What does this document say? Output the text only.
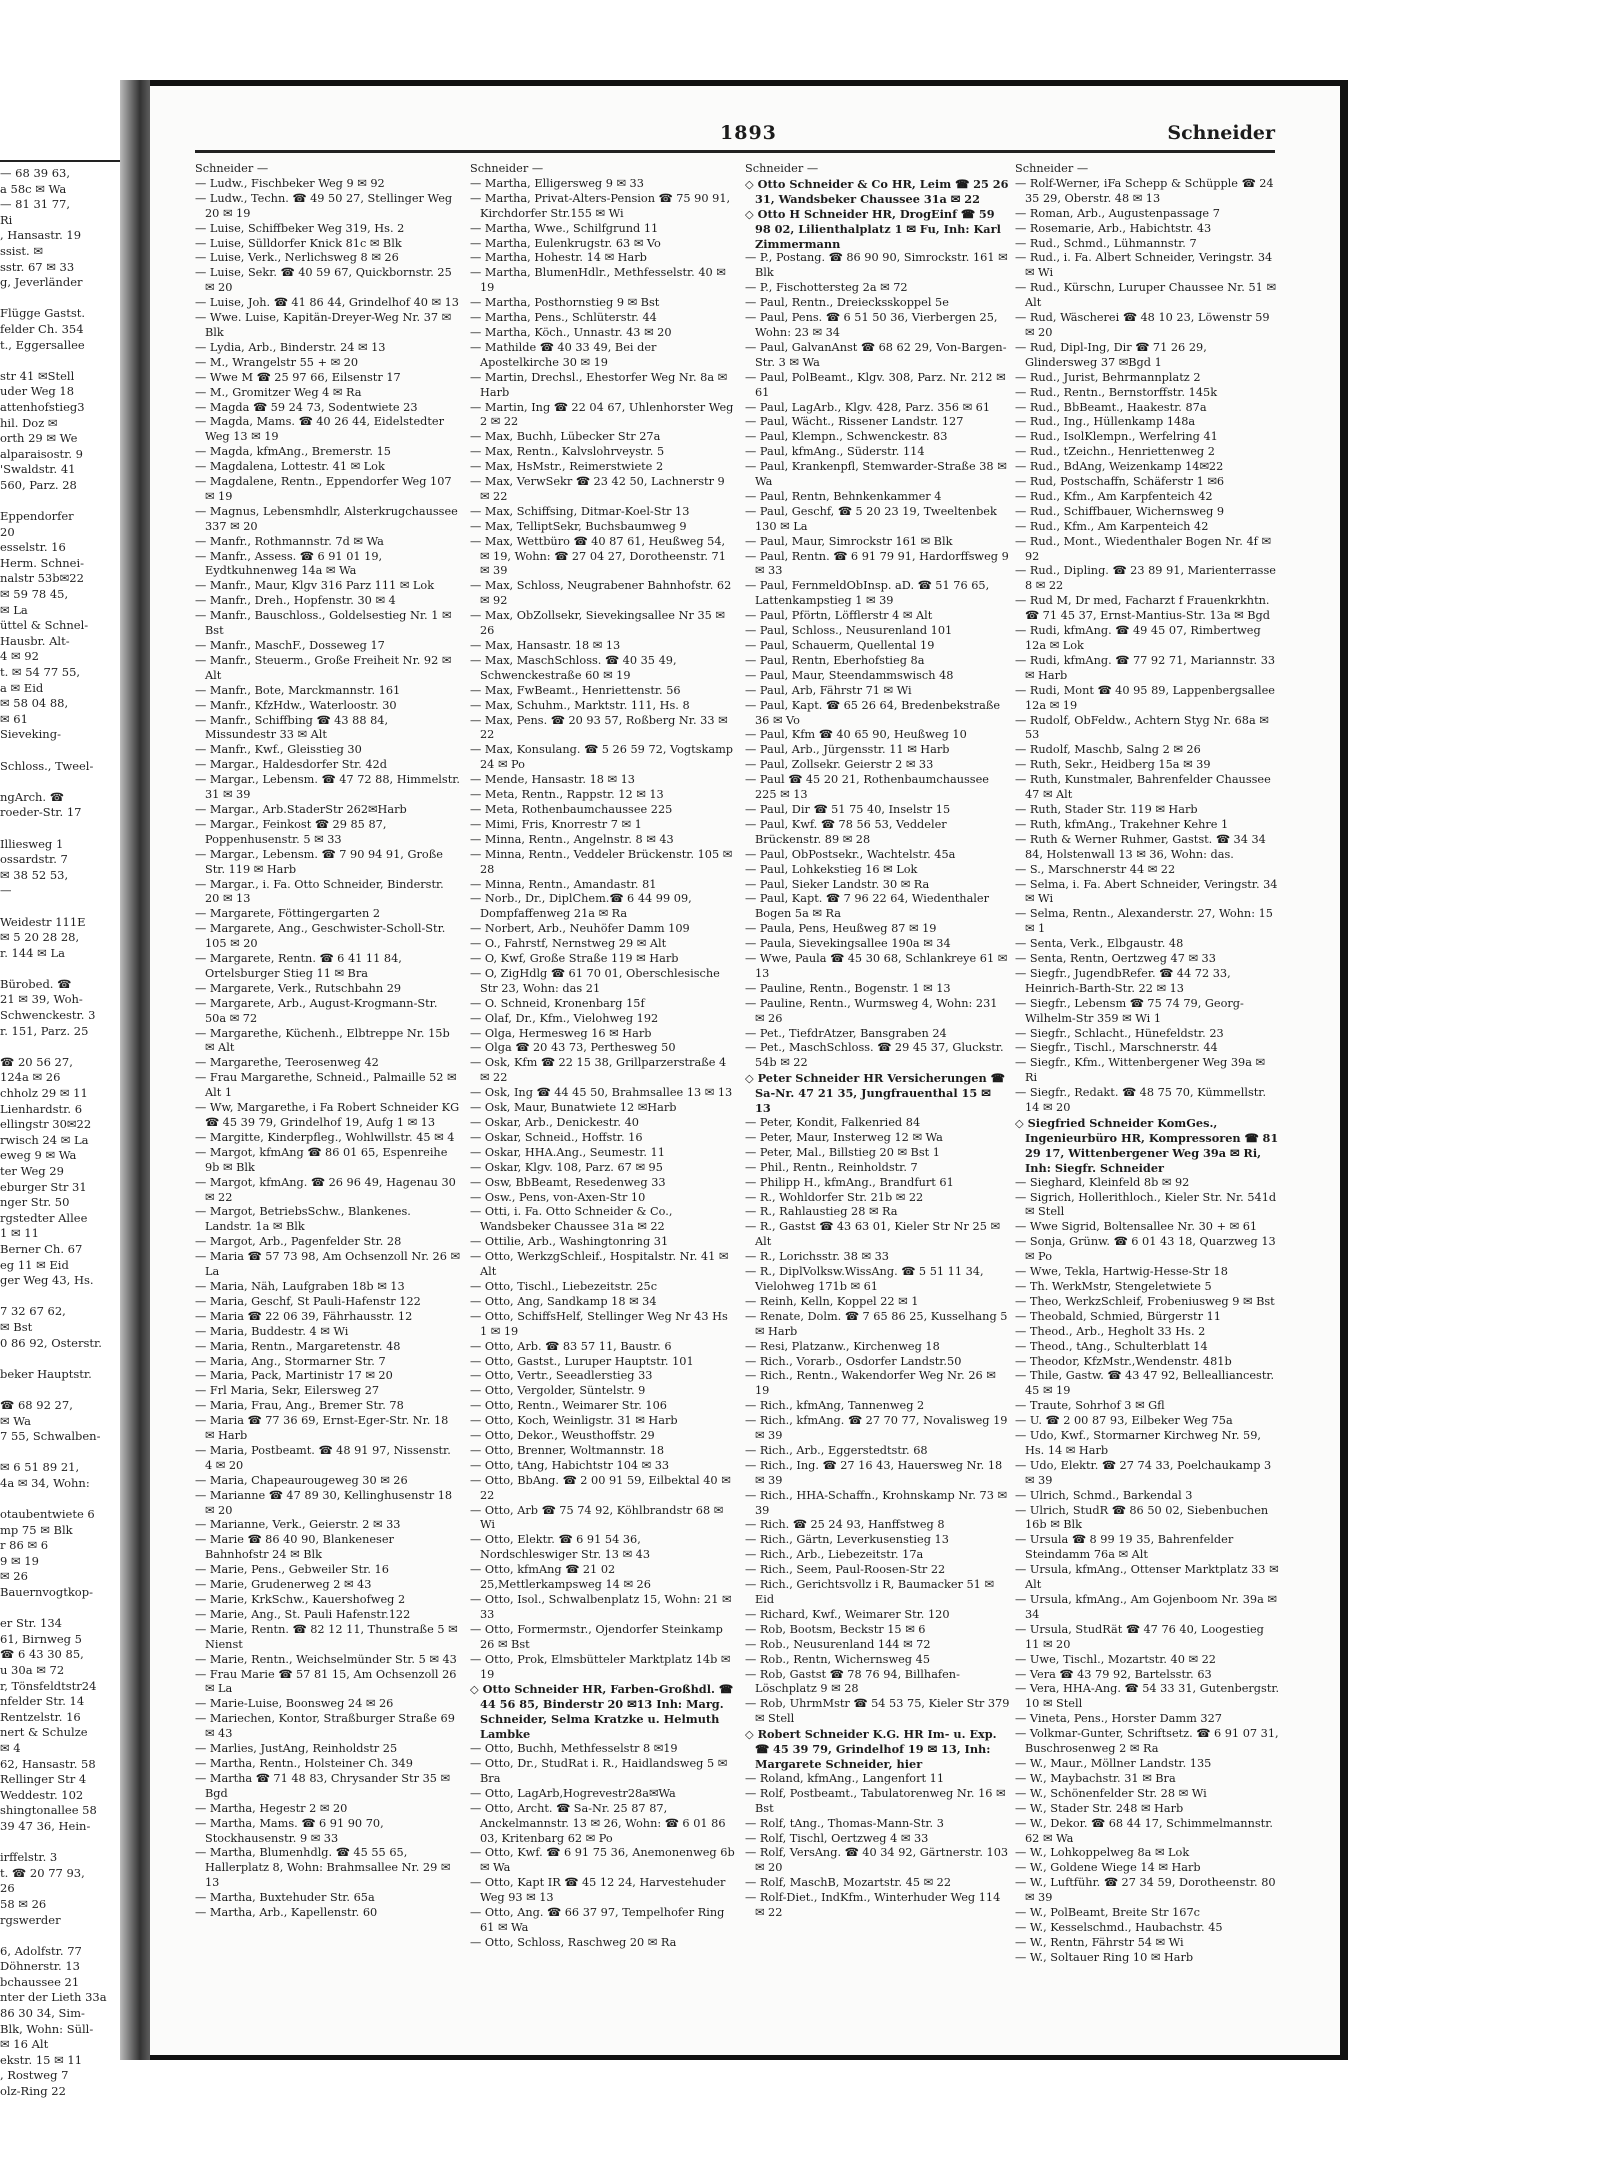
— 68 39 63,
a 58c ✉ Wa
— 81 31 77,
Ri
, Hansastr. 19
ssist. ✉
sstr. 67 ✉ 33
g, Jeverländer

Flügge Gastst.
felder Ch. 354
t., Eggersallee

str 41 ✉Stell
uder Weg 18
attenhofstieg3
hil. Doz ✉
orth 29 ✉ We
alparaisostr. 9
'Swaldstr. 41
560, Parz. 28

Eppendorfer
20
esselstr. 16
Herm. Schnei-
nalstr 53b✉22
✉ 59 78 45,
✉ La
üttel & Schnel-
Hausbr. Alt-
4 ✉ 92
t. ✉ 54 77 55,
a ✉ Eid
✉ 58 04 88,
✉ 61
Sieveking-

Schloss., Tweel-

ngArch. ☎
roeder-Str. 17

Illiesweg 1
ossardstr. 7
✉ 38 52 53,
—

Weidestr 111E
✉ 5 20 28 28,
r. 144 ✉ La

Bürobed. ☎
21 ✉ 39, Woh-
Schwenckestr. 3
r. 151, Parz. 25

☎ 20 56 27,
124a ✉ 26
chholz 29 ✉ 11
Lienhardstr. 6
ellingstr 30✉22
rwisch 24 ✉ La
eweg 9 ✉ Wa
ter Weg 29
eburger Str 31
nger Str. 50
rgstedter Allee
1 ✉ 11
Berner Ch. 67
eg 11 ✉ Eid
ger Weg 43, Hs.

7 32 67 62,
✉ Bst
0 86 92, Osterstr.

beker Hauptstr.

☎ 68 92 27,
✉ Wa
7 55, Schwalben-

✉ 6 51 89 21,
4a ✉ 34, Wohn:

otaubentwiete 6
mp 75 ✉ Blk
r 86 ✉ 6
9 ✉ 19
✉ 26
Bauernvogtkop-

er Str. 134
61, Birnweg 5
☎ 6 43 30 85,
u 30a ✉ 72
r, Tönsfeldtstr24
nfelder Str. 14
Rentzelstr. 16
nert & Schulze
✉ 4
62, Hansastr. 58
Rellinger Str 4
Weddestr. 102
shingtonallee 58
39 47 36, Hein-

irffelstr. 3
t. ☎ 20 77 93,
26
58 ✉ 26
rgswerder

6, Adolfstr. 77
Döhnerstr. 13
bchaussee 21
nter der Lieth 33a
86 30 34, Sim-
Blk, Wohn: Süll-
✉ 16 Alt
ekstr. 15 ✉ 11
, Rostweg 7
olz-Ring 22
1893	Schneider

Schneider —

— Ludw., Fischbeker Weg 9 ✉ 92

— Ludw., Techn. ☎ 49 50 27, Stellinger Weg 20 ✉ 19

— Luise, Schiffbeker Weg 319, Hs. 2

— Luise, Sülldorfer Knick 81c ✉ Blk

— Luise, Verk., Nerlichsweg 8 ✉ 26

— Luise, Sekr. ☎ 40 59 67, Quickbornstr. 25 ✉ 20

— Luise, Joh. ☎ 41 86 44, Grindelhof 40 ✉ 13

— Wwe. Luise, Kapitän-Dreyer-Weg Nr. 37 ✉ Blk

— Lydia, Arb., Binderstr. 24 ✉ 13

— M., Wrangelstr 55 + ✉ 20

— Wwe M ☎ 25 97 66, Eilsenstr 17

— M., Gromitzer Weg 4 ✉ Ra

— Magda ☎ 59 24 73, Sodentwiete 23

— Magda, Mams. ☎ 40 26 44, Eidelstedter Weg 13 ✉ 19

— Magda, kfmAng., Bremerstr. 15

— Magdalena, Lottestr. 41 ✉ Lok

— Magdalene, Rentn., Eppendorfer Weg 107 ✉ 19

— Magnus, Lebensmhdlr, Alsterkrugchaussee 337 ✉ 20

— Manfr., Rothmannstr. 7d ✉ Wa

— Manfr., Assess. ☎ 6 91 01 19, Eydtkuhnenweg 14a ✉ Wa

— Manfr., Maur, Klgv 316 Parz 111 ✉ Lok

— Manfr., Dreh., Hopfenstr. 30 ✉ 4

— Manfr., Bauschloss., Goldelsestieg Nr. 1 ✉ Bst

— Manfr., MaschF., Dosseweg 17

— Manfr., Steuerm., Große Freiheit Nr. 92 ✉ Alt

— Manfr., Bote, Marckmannstr. 161

— Manfr., KfzHdw., Waterloostr. 30

— Manfr., Schiffbing ☎ 43 88 84, Missundestr 33 ✉ Alt

— Manfr., Kwf., Gleisstieg 30

— Margar., Haldesdorfer Str. 42d

— Margar., Lebensm. ☎ 47 72 88, Himmelstr. 31 ✉ 39

— Margar., Arb.StaderStr 262✉Harb

— Margar., Feinkost ☎ 29 85 87, Poppenhusenstr. 5 ✉ 33

— Margar., Lebensm. ☎ 7 90 94 91, Große Str. 119 ✉ Harb

— Margar., i. Fa. Otto Schneider, Binderstr. 20 ✉ 13

— Margarete, Föttingergarten 2

— Margarete, Ang., Geschwister-Scholl-Str. 105 ✉ 20

— Margarete, Rentn. ☎ 6 41 11 84, Ortelsburger Stieg 11 ✉ Bra

— Margarete, Verk., Rutschbahn 29

— Margarete, Arb., August-Krogmann-Str. 50a ✉ 72

— Margarethe, Küchenh., Elbtreppe Nr. 15b ✉ Alt

— Margarethe, Teerosenweg 42

— Frau Margarethe, Schneid., Palmaille 52 ✉ Alt 1

— Ww, Margarethe, i Fa Robert Schneider KG ☎ 45 39 79, Grindelhof 19, Aufg 1 ✉ 13

— Margitte, Kinderpfleg., Wohlwillstr. 45 ✉ 4

— Margot, kfmAng ☎ 86 01 65, Espenreihe 9b ✉ Blk

— Margot, kfmAng. ☎ 26 96 49, Hagenau 30 ✉ 22

— Margot, BetriebsSchw., Blankenes. Landstr. 1a ✉ Blk

— Margot, Arb., Pagenfelder Str. 28

— Maria ☎ 57 73 98, Am Ochsenzoll Nr. 26 ✉ La

— Maria, Näh, Laufgraben 18b ✉ 13

— Maria, Geschf, St Pauli-Hafenstr 122

— Maria ☎ 22 06 39, Fährhausstr. 12

— Maria, Buddestr. 4 ✉ Wi

— Maria, Rentn., Margaretenstr. 48

— Maria, Ang., Stormarner Str. 7

— Maria, Pack, Martinistr 17 ✉ 20

— Frl Maria, Sekr, Eilersweg 27

— Maria, Frau, Ang., Bremer Str. 78

— Maria ☎ 77 36 69, Ernst-Eger-Str. Nr. 18 ✉ Harb

— Maria, Postbeamt. ☎ 48 91 97, Nissenstr. 4 ✉ 20

— Maria, Chapeaurougeweg 30 ✉ 26

— Marianne ☎ 47 89 30, Kellinghusenstr 18 ✉ 20

— Marianne, Verk., Geierstr. 2 ✉ 33

— Marie ☎ 86 40 90, Blankeneser Bahnhofstr 24 ✉ Blk

— Marie, Pens., Gebweiler Str. 16

— Marie, Grudenerweg 2 ✉ 43

— Marie, KrkSchw., Kauershofweg 2

— Marie, Ang., St. Pauli Hafenstr.122

— Marie, Rentn. ☎ 82 12 11, Thunstraße 5 ✉ Nienst

— Marie, Rentn., Weichselmünder Str. 5 ✉ 43

— Frau Marie ☎ 57 81 15, Am Ochsenzoll 26 ✉ La

— Marie-Luise, Boonsweg 24 ✉ 26

— Mariechen, Kontor, Straßburger Straße 69 ✉ 43

— Marlies, JustAng, Reinholdstr 25

— Martha, Rentn., Holsteiner Ch. 349

— Martha ☎ 71 48 83, Chrysander Str 35 ✉ Bgd

— Martha, Hegestr 2 ✉ 20

— Martha, Mams. ☎ 6 91 90 70, Stockhausenstr. 9 ✉ 33

— Martha, Blumenhdlg. ☎ 45 55 65, Hallerplatz 8, Wohn: Brahmsallee Nr. 29 ✉ 13

— Martha, Buxtehuder Str. 65a

— Martha, Arb., Kapellenstr. 60

Schneider —

— Martha, Elligersweg 9 ✉ 33

— Martha, Privat-Alters-Pension ☎ 75 90 91, Kirchdorfer Str.155 ✉ Wi

— Martha, Wwe., Schilfgrund 11

— Martha, Eulenkrugstr. 63 ✉ Vo

— Martha, Hohestr. 14 ✉ Harb

— Martha, BlumenHdlr., Methfesselstr. 40 ✉ 19

— Martha, Posthornstieg 9 ✉ Bst

— Martha, Pens., Schlüterstr. 44

— Martha, Köch., Unnastr. 43 ✉ 20

— Mathilde ☎ 40 33 49, Bei der Apostelkirche 30 ✉ 19

— Martin, Drechsl., Ehestorfer Weg Nr. 8a ✉ Harb

— Martin, Ing ☎ 22 04 67, Uhlenhorster Weg 2 ✉ 22

— Max, Buchh, Lübecker Str 27a

— Max, Rentn., Kalvslohrveystr. 5

— Max, HsMstr., Reimerstwiete 2

— Max, VerwSekr ☎ 23 42 50, Lachnerstr 9 ✉ 22

— Max, Schiffsing, Ditmar-Koel-Str 13

— Max, TelliptSekr, Buchsbaumweg 9

— Max, Wettbüro ☎ 40 87 61, Heußweg 54, ✉ 19, Wohn: ☎ 27 04 27, Dorotheenstr. 71 ✉ 39

— Max, Schloss, Neugrabener Bahnhofstr. 62 ✉ 92

— Max, ObZollsekr, Sievekingsallee Nr 35 ✉ 26

— Max, Hansastr. 18 ✉ 13

— Max, MaschSchloss. ☎ 40 35 49, Schwenckestraße 60 ✉ 19

— Max, FwBeamt., Henriettenstr. 56

— Max, Schuhm., Marktstr. 111, Hs. 8

— Max, Pens. ☎ 20 93 57, Roßberg Nr. 33 ✉ 22

— Max, Konsulang. ☎ 5 26 59 72, Vogtskamp 24 ✉ Po

— Mende, Hansastr. 18 ✉ 13

— Meta, Rentn., Rappstr. 12 ✉ 13

— Meta, Rothenbaumchaussee 225

— Mimi, Fris, Knorrestr 7 ✉ 1

— Minna, Rentn., Angelnstr. 8 ✉ 43

— Minna, Rentn., Veddeler Brückenstr. 105 ✉ 28

— Minna, Rentn., Amandastr. 81

— Norb., Dr., DiplChem.☎ 6 44 99 09, Dompfaffenweg 21a ✉ Ra

— Norbert, Arb., Neuhöfer Damm 109

— O., Fahrstf, Nernstweg 29 ✉ Alt

— O, Kwf, Große Straße 119 ✉ Harb

— O, ZigHdlg ☎ 61 70 01, Oberschlesische Str 23, Wohn: das 21

— O. Schneid, Kronenbarg 15f

— Olaf, Dr., Kfm., Vielohweg 192

— Olga, Hermesweg 16 ✉ Harb

— Olga ☎ 20 43 73, Perthesweg 50

— Osk, Kfm ☎ 22 15 38, Grillparzerstraße 4 ✉ 22

— Osk, Ing ☎ 44 45 50, Brahmsallee 13 ✉ 13

— Osk, Maur, Bunatwiete 12 ✉Harb

— Oskar, Arb., Denickestr. 40

— Oskar, Schneid., Hoffstr. 16

— Oskar, HHA.Ang., Seumestr. 11

— Oskar, Klgv. 108, Parz. 67 ✉ 95

— Osw, BbBeamt, Resedenweg 33

— Osw., Pens, von-Axen-Str 10

— Otti, i. Fa. Otto Schneider & Co., Wandsbeker Chaussee 31a ✉ 22

— Ottilie, Arb., Washingtonring 31

— Otto, WerkzgSchleif., Hospitalstr. Nr. 41 ✉ Alt

— Otto, Tischl., Liebezeitstr. 25c

— Otto, Ang, Sandkamp 18 ✉ 34

— Otto, SchiffsHelf, Stellinger Weg Nr 43 Hs 1 ✉ 19

— Otto, Arb. ☎ 83 57 11, Baustr. 6

— Otto, Gastst., Luruper Hauptstr. 101

— Otto, Vertr., Seeadlerstieg 33

— Otto, Vergolder, Süntelstr. 9

— Otto, Rentn., Weimarer Str. 106

— Otto, Koch, Weinligstr. 31 ✉ Harb

— Otto, Dekor., Weusthoffstr. 29

— Otto, Brenner, Woltmannstr. 18

— Otto, tAng, Habichtstr 104 ✉ 33

— Otto, BbAng. ☎ 2 00 91 59, Eilbektal 40 ✉ 22

— Otto, Arb ☎ 75 74 92, Köhlbrandstr 68 ✉ Wi

— Otto, Elektr. ☎ 6 91 54 36, Nordschleswiger Str. 13 ✉ 43

— Otto, kfmAng ☎ 21 02 25,Mettlerkampsweg 14 ✉ 26

— Otto, Isol., Schwalbenplatz 15, Wohn: 21 ✉ 33

— Otto, Formermstr., Ojendorfer Steinkamp 26 ✉ Bst

— Otto, Prok, Elmsbütteler Marktplatz 14b ✉ 19

◇ Otto Schneider HR, Farben-Großhdl. ☎ 44 56 85, Binderstr 20 ✉13 Inh: Marg. Schneider, Selma Kratzke u. Helmuth Lambke

— Otto, Buchh, Methfesselstr 8 ✉19

— Otto, Dr., StudRat i. R., Haidlandsweg 5 ✉ Bra

— Otto, LagArb,Hogrevestr28a✉Wa

— Otto, Archt. ☎ Sa-Nr. 25 87 87, Anckelmannstr. 13 ✉ 26, Wohn: ☎ 6 01 86 03, Kritenbarg 62 ✉ Po

— Otto, Kwf. ☎ 6 91 75 36, Anemonenweg 6b ✉ Wa

— Otto, Kapt IR ☎ 45 12 24, Harvestehuder Weg 93 ✉ 13

— Otto, Ang. ☎ 66 37 97, Tempelhofer Ring 61 ✉ Wa

— Otto, Schloss, Raschweg 20 ✉ Ra

Schneider —

◇ Otto Schneider & Co HR, Leim ☎ 25 26 31, Wandsbeker Chaussee 31a ✉ 22

◇ Otto H Schneider HR, DrogEinf ☎ 59 98 02, Lilienthalplatz 1 ✉ Fu, Inh: Karl Zimmermann

— P., Postang. ☎ 86 90 90, Simrockstr. 161 ✉ Blk

— P., Fischottersteg 2a ✉ 72

— Paul, Rentn., Dreiecksskoppel 5e

— Paul, Pens. ☎ 6 51 50 36, Vierbergen 25, Wohn: 23 ✉ 34

— Paul, GalvanAnst ☎ 68 62 29, Von-Bargen-Str. 3 ✉ Wa

— Paul, PolBeamt., Klgv. 308, Parz. Nr. 212 ✉ 61

— Paul, LagArb., Klgv. 428, Parz. 356 ✉ 61

— Paul, Wächt., Rissener Landstr. 127

— Paul, Klempn., Schwenckestr. 83

— Paul, kfmAng., Süderstr. 114

— Paul, Krankenpfl, Stemwarder-Straße 38 ✉ Wa

— Paul, Rentn, Behnkenkammer 4

— Paul, Geschf, ☎ 5 20 23 19, Tweeltenbek 130 ✉ La

— Paul, Maur, Simrockstr 161 ✉ Blk

— Paul, Rentn. ☎ 6 91 79 91, Hardorffsweg 9 ✉ 33

— Paul, FernmeldObInsp. aD. ☎ 51 76 65, Lattenkampstieg 1 ✉ 39

— Paul, Pförtn, Löfflerstr 4 ✉ Alt

— Paul, Schloss., Neusurenland 101

— Paul, Schauerm, Quellental 19

— Paul, Rentn, Eberhofstieg 8a

— Paul, Maur, Steendammswisch 48

— Paul, Arb, Fährstr 71 ✉ Wi

— Paul, Kapt. ☎ 65 26 64, Bredenbekstraße 36 ✉ Vo

— Paul, Kfm ☎ 40 65 90, Heußweg 10

— Paul, Arb., Jürgensstr. 11 ✉ Harb

— Paul, Zollsekr. Geierstr 2 ✉ 33

— Paul ☎ 45 20 21, Rothenbaumchaussee 225 ✉ 13

— Paul, Dir ☎ 51 75 40, Inselstr 15

— Paul, Kwf. ☎ 78 56 53, Veddeler Brückenstr. 89 ✉ 28

— Paul, ObPostsekr., Wachtelstr. 45a

— Paul, Lohkekstieg 16 ✉ Lok

— Paul, Sieker Landstr. 30 ✉ Ra

— Paul, Kapt. ☎ 7 96 22 64, Wiedenthaler Bogen 5a ✉ Ra

— Paula, Pens, Heußweg 87 ✉ 19

— Paula, Sievekingsallee 190a ✉ 34

— Wwe, Paula ☎ 45 30 68, Schlankreye 61 ✉ 13

— Pauline, Rentn., Bogenstr. 1 ✉ 13

— Pauline, Rentn., Wurmsweg 4, Wohn: 231 ✉ 26

— Pet., TiefdrAtzer, Bansgraben 24

— Pet., MaschSchloss. ☎ 29 45 37, Gluckstr. 54b ✉ 22

◇ Peter Schneider HR Versicherungen ☎ Sa-Nr. 47 21 35, Jungfrauenthal 15 ✉ 13

— Peter, Kondit, Falkenried 84

— Peter, Maur, Insterweg 12 ✉ Wa

— Peter, Mal., Billstieg 20 ✉ Bst 1

— Phil., Rentn., Reinholdstr. 7

— Philipp H., kfmAng., Brandfurt 61

— R., Wohldorfer Str. 21b ✉ 22

— R., Rahlaustieg 28 ✉ Ra

— R., Gastst ☎ 43 63 01, Kieler Str Nr 25 ✉ Alt

— R., Lorichsstr. 38 ✉ 33

— R., DiplVolksw.WissAng. ☎ 5 51 11 34, Vielohweg 171b ✉ 61

— Reinh, Kelln, Koppel 22 ✉ 1

— Renate, Dolm. ☎ 7 65 86 25, Kusselhang 5 ✉ Harb

— Resi, Platzanw., Kirchenweg 18

— Rich., Vorarb., Osdorfer Landstr.50

— Rich., Rentn., Wakendorfer Weg Nr. 26 ✉ 19

— Rich., kfmAng, Tannenweg 2

— Rich., kfmAng. ☎ 27 70 77, Novalisweg 19 ✉ 39

— Rich., Arb., Eggerstedtstr. 68

— Rich., Ing. ☎ 27 16 43, Hauersweg Nr. 18 ✉ 39

— Rich., HHA-Schaffn., Krohnskamp Nr. 73 ✉ 39

— Rich. ☎ 25 24 93, Hanffstweg 8

— Rich., Gärtn, Leverkusenstieg 13

— Rich., Arb., Liebezeitstr. 17a

— Rich., Seem, Paul-Roosen-Str 22

— Rich., Gerichtsvollz i R, Baumacker 51 ✉ Eid

— Richard, Kwf., Weimarer Str. 120

— Rob, Bootsm, Beckstr 15 ✉ 6

— Rob., Neusurenland 144 ✉ 72

— Rob., Rentn, Wichernsweg 45

— Rob, Gastst ☎ 78 76 94, Billhafen-Löschplatz 9 ✉ 28

— Rob, UhrmMstr ☎ 54 53 75, Kieler Str 379 ✉ Stell

◇ Robert Schneider K.G. HR Im- u. Exp. ☎ 45 39 79, Grindelhof 19 ✉ 13, Inh: Margarete Schneider, hier

— Roland, kfmAng., Langenfort 11

— Rolf, Postbeamt., Tabulatorenweg Nr. 16 ✉ Bst

— Rolf, tAng., Thomas-Mann-Str. 3

— Rolf, Tischl, Oertzweg 4 ✉ 33

— Rolf, VersAng. ☎ 40 34 92, Gärtnerstr. 103 ✉ 20

— Rolf, MaschB, Mozartstr. 45 ✉ 22

— Rolf-Diet., IndKfm., Winterhuder Weg 114 ✉ 22

Schneider —

— Rolf-Werner, iFa Schepp & Schüpple ☎ 24 35 29, Oberstr. 48 ✉ 13

— Roman, Arb., Augustenpassage 7

— Rosemarie, Arb., Habichtstr. 43

— Rud., Schmd., Lühmannstr. 7

— Rud., i. Fa. Albert Schneider, Veringstr. 34 ✉ Wi

— Rud., Kürschn, Luruper Chaussee Nr. 51 ✉ Alt

— Rud, Wäscherei ☎ 48 10 23, Löwenstr 59 ✉ 20

— Rud, Dipl-Ing, Dir ☎ 71 26 29, Glindersweg 37 ✉Bgd 1

— Rud., Jurist, Behrmannplatz 2

— Rud., Rentn., Bernstorffstr. 145k

— Rud., BbBeamt., Haakestr. 87a

— Rud., Ing., Hüllenkamp 148a

— Rud., IsolKlempn., Werfelring 41

— Rud., tZeichn., Henriettenweg 2

— Rud., BdAng, Weizenkamp 14✉22

— Rud, Postschaffn, Schäferstr 1 ✉6

— Rud., Kfm., Am Karpfenteich 42

— Rud., Schiffbauer, Wichernsweg 9

— Rud., Kfm., Am Karpenteich 42

— Rud., Mont., Wiedenthaler Bogen Nr. 4f ✉ 92

— Rud., Dipling. ☎ 23 89 91, Marienterrasse 8 ✉ 22

— Rud M, Dr med, Facharzt f Frauenkrkhtn. ☎ 71 45 37, Ernst-Mantius-Str. 13a ✉ Bgd

— Rudi, kfmAng. ☎ 49 45 07, Rimbertweg 12a ✉ Lok

— Rudi, kfmAng. ☎ 77 92 71, Mariannstr. 33 ✉ Harb

— Rudi, Mont ☎ 40 95 89, Lappenbergsallee 12a ✉ 19

— Rudolf, ObFeldw., Achtern Styg Nr. 68a ✉ 53

— Rudolf, Maschb, Salng 2 ✉ 26

— Ruth, Sekr., Heidberg 15a ✉ 39

— Ruth, Kunstmaler, Bahrenfelder Chaussee 47 ✉ Alt

— Ruth, Stader Str. 119 ✉ Harb

— Ruth, kfmAng., Trakehner Kehre 1

— Ruth & Werner Ruhmer, Gastst. ☎ 34 34 84, Holstenwall 13 ✉ 36, Wohn: das.

— S., Marschnerstr 44 ✉ 22

— Selma, i. Fa. Abert Schneider, Veringstr. 34 ✉ Wi

— Selma, Rentn., Alexanderstr. 27, Wohn: 15 ✉ 1

— Senta, Verk., Elbgaustr. 48

— Senta, Rentn, Oertzweg 47 ✉ 33

— Siegfr., JugendbRefer. ☎ 44 72 33, Heinrich-Barth-Str. 22 ✉ 13

— Siegfr., Lebensm ☎ 75 74 79, Georg-Wilhelm-Str 359 ✉ Wi 1

— Siegfr., Schlacht., Hünefeldstr. 23

— Siegfr., Tischl., Marschnerstr. 44

— Siegfr., Kfm., Wittenbergener Weg 39a ✉ Ri

— Siegfr., Redakt. ☎ 48 75 70, Kümmellstr. 14 ✉ 20

◇ Siegfried Schneider KomGes., Ingenieurbüro HR, Kompressoren ☎ 81 29 17, Wittenbergener Weg 39a ✉ Ri, Inh: Siegfr. Schneider

— Sieghard, Kleinfeld 8b ✉ 92

— Sigrich, Hollerithloch., Kieler Str. Nr. 541d ✉ Stell

— Wwe Sigrid, Boltensallee Nr. 30 + ✉ 61

— Sonja, Grünw. ☎ 6 01 43 18, Quarzweg 13 ✉ Po

— Wwe, Tekla, Hartwig-Hesse-Str 18

— Th. WerkMstr, Stengeletwiete 5

— Theo, WerkzSchleif, Frobeniusweg 9 ✉ Bst

— Theobald, Schmied, Bürgerstr 11

— Theod., Arb., Hegholt 33 Hs. 2

— Theod., tAng., Schulterblatt 14

— Theodor, KfzMstr.,Wendenstr. 481b

— Thile, Gastw. ☎ 43 47 92, Bellealliancestr. 45 ✉ 19

— Traute, Sohrhof 3 ✉ Gfl

— U. ☎ 2 00 87 93, Eilbeker Weg 75a

— Udo, Kwf., Stormarner Kirchweg Nr. 59, Hs. 14 ✉ Harb

— Udo, Elektr. ☎ 27 74 33, Poelchaukamp 3 ✉ 39

— Ulrich, Schmd., Barkendal 3

— Ulrich, StudR ☎ 86 50 02, Siebenbuchen 16b ✉ Blk

— Ursula ☎ 8 99 19 35, Bahrenfelder Steindamm 76a ✉ Alt

— Ursula, kfmAng., Ottenser Marktplatz 33 ✉ Alt

— Ursula, kfmAng., Am Gojenboom Nr. 39a ✉ 34

— Ursula, StudRät ☎ 47 76 40, Loogestieg 11 ✉ 20

— Uwe, Tischl., Mozartstr. 40 ✉ 22

— Vera ☎ 43 79 92, Bartelsstr. 63

— Vera, HHA-Ang. ☎ 54 33 31, Gutenbergstr. 10 ✉ Stell

— Vineta, Pens., Horster Damm 327

— Volkmar-Gunter, Schriftsetz. ☎ 6 91 07 31, Buschrosenweg 2 ✉ Ra

— W., Maur., Möllner Landstr. 135

— W., Maybachstr. 31 ✉ Bra

— W., Schönenfelder Str. 28 ✉ Wi

— W., Stader Str. 248 ✉ Harb

— W., Dekor. ☎ 68 44 17, Schimmelmannstr. 62 ✉ Wa

— W., Lohkoppelweg 8a ✉ Lok

— W., Goldene Wiege 14 ✉ Harb

— W., Luftführ. ☎ 27 34 59, Dorotheenstr. 80 ✉ 39

— W., PolBeamt, Breite Str 167c

— W., Kesselschmd., Haubachstr. 45

— W., Rentn, Fährstr 54 ✉ Wi

— W., Soltauer Ring 10 ✉ Harb
